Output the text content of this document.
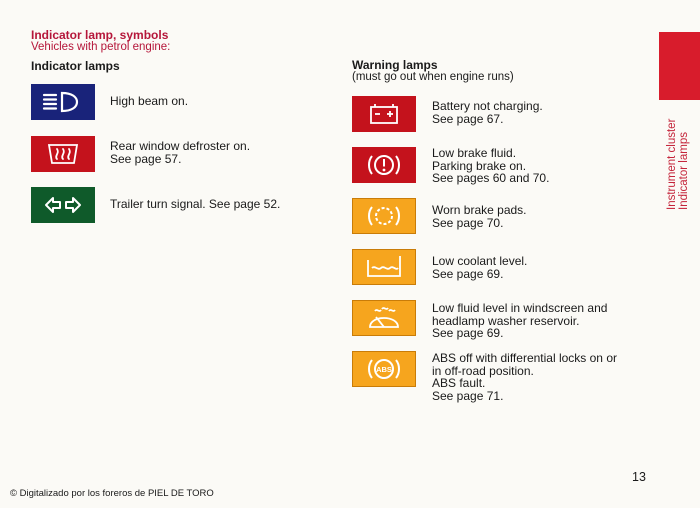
Indicator lamp, symbols
Vehicles with petrol engine:
Indicator lamps
High beam on.
Rear window defroster on.
See page 57.
Trailer turn signal. See page 52.
Warning lamps
(must go out when engine runs)
Battery not charging.
See page 67.
Low brake fluid.
Parking brake on.
See pages 60 and 70.
Worn brake pads.
See page 70.
Low coolant level.
See page 69.
Low fluid level in windscreen and
headlamp washer reservoir.
See page 69.
ABS
ABS off with differential locks on or
in off-road position.
ABS fault.
See page 71.
Instrument cluster Indicator lamps
13
© Digitalizado por los foreros de PIEL DE TORO
